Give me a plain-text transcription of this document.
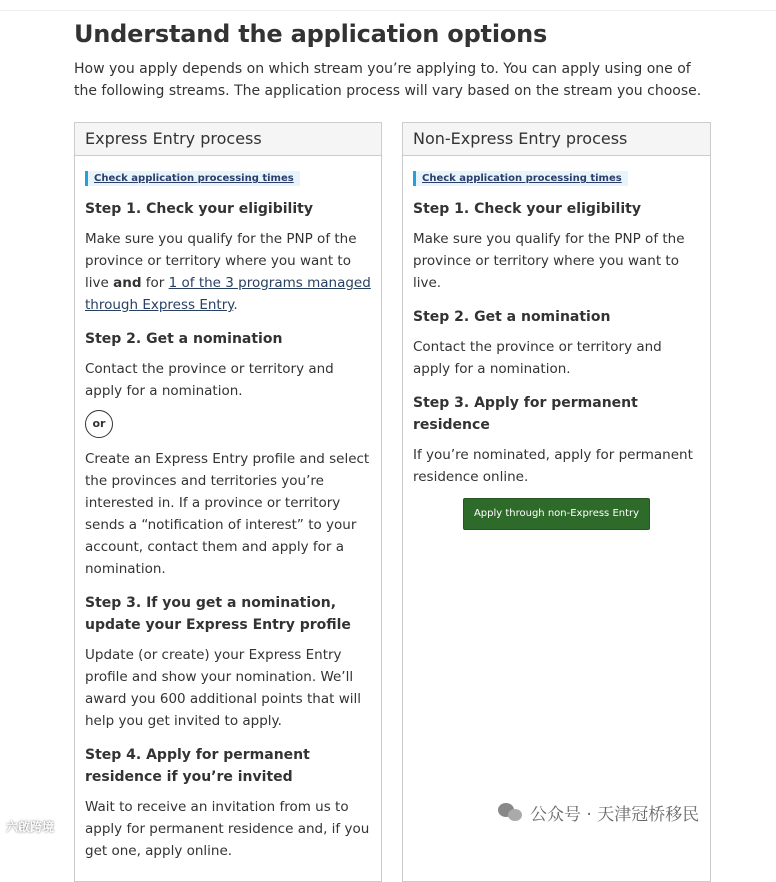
Understand the application options

How you apply depends on which stream you’re applying to. You can apply using one of the following streams. The application process will vary based on the stream you choose.

Express Entry process
Check application processing times
Step 1. Check your eligibility

Make sure you qualify for the PNP of the province or territory where you want to live and for 1 of the 3 programs managed through Express Entry.

Step 2. Get a nomination

Contact the province or territory and apply for a nomination.

or

Create an Express Entry profile and select the provinces and territories you’re interested in. If a province or territory sends a “notification of interest” to your account, contact them and apply for a nomination.

Step 3. If you get a nomination, update your Express Entry profile

Update (or create) your Express Entry profile and show your nomination. We’ll award you 600 additional points that will help you get invited to apply.

Step 4. Apply for permanent residence if you’re invited

Wait to receive an invitation from us to apply for permanent residence and, if you get one, apply online.

Non-Express Entry process
Check application processing times
Step 1. Check your eligibility

Make sure you qualify for the PNP of the province or territory where you want to live.

Step 2. Get a nomination

Contact the province or territory and apply for a nomination.

Step 3. Apply for permanent residence

If you’re nominated, apply for permanent residence online.

Apply through non-Express Entry
六啟跨境
公众号 · 天津冠桥移民
